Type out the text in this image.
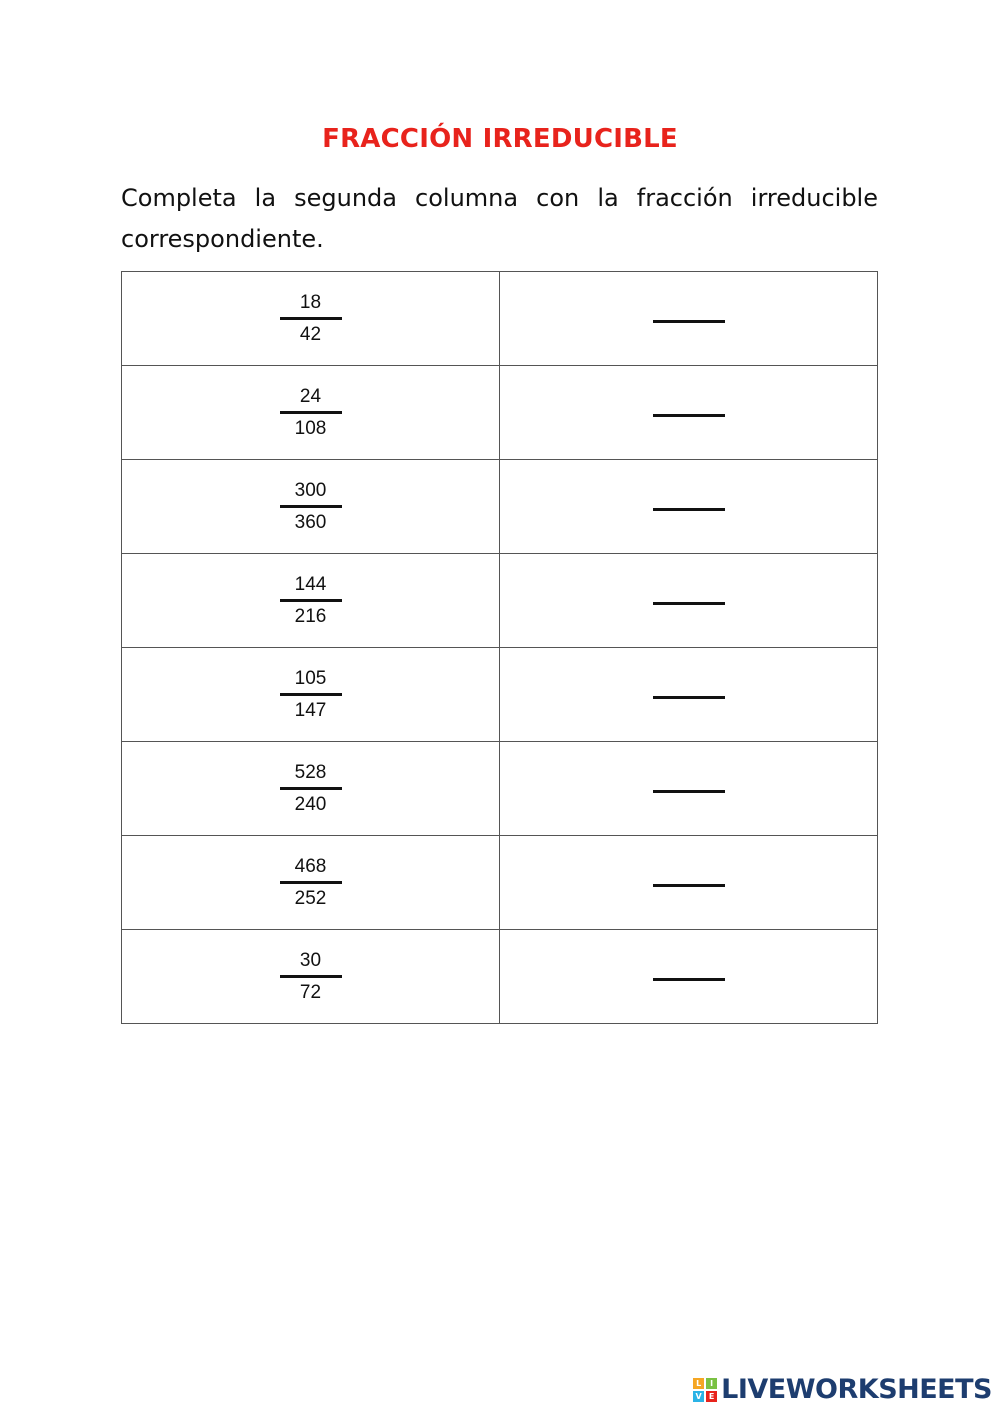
FRACCIÓN IRREDUCIBLE
Completa la segunda columna con la fracción irreducible correspondiente.
$\frac{18}{42}$

$\frac{24}{108}$

$\frac{300}{360}$

$\frac{144}{216}$

$\frac{105}{147}$

$\frac{528}{240}$

$\frac{468}{252}$

$\frac{30}{72}$

L	I
V E LIVEWORKSHEETS
